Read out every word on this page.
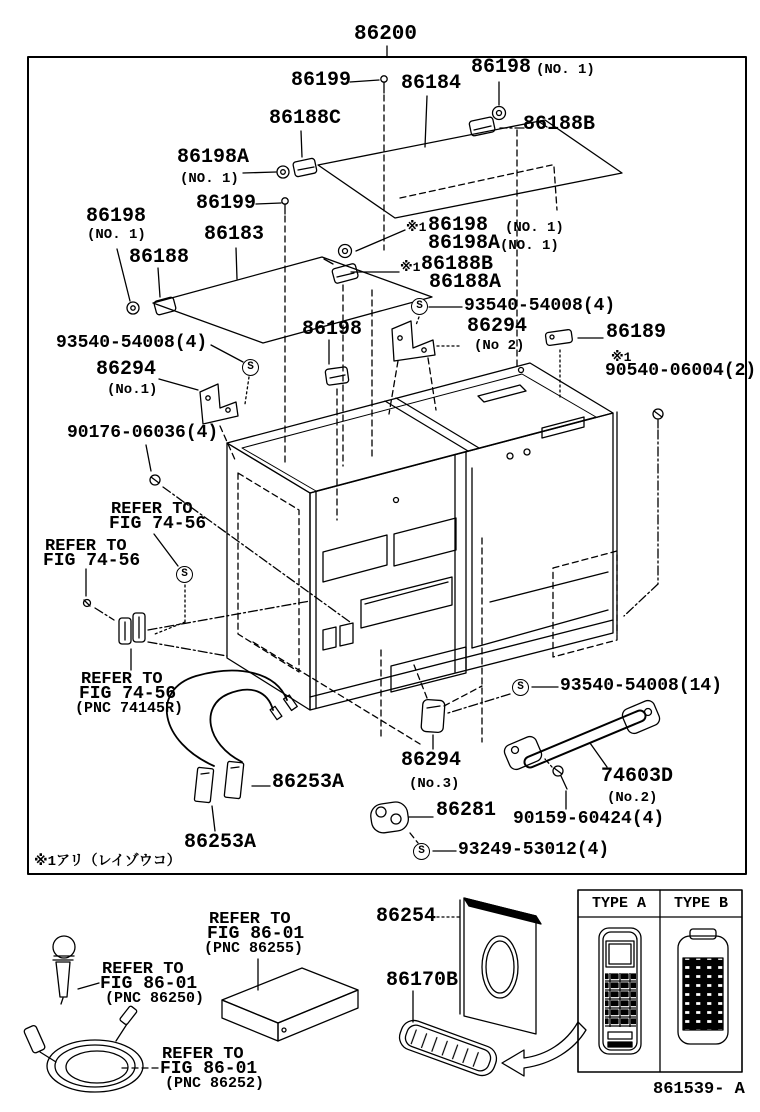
TYPE A TYPE B
861539- A
※1アリ（レイゾウコ）
86200
86199 86184
86198 (NO. 1)
86188C	86188B
86198A
(NO. 1)
86199
86198
(NO. 1)	86183
86188
※1 86198 (NO. 1)
86198A (NO. 1)
※1 86188B
86188A
93540-54008(4)
86294
(No 2)
86189
※1
90540-06004(2)
93540-54008(4)
86294
(No.1)
90176-06036(4)
86198
REFER TO
FIG 74-56
REFER TO
FIG 74-56
REFER TO
FIG 74-56
(PNC 74145R)
93540-54008(14)
86294
(No.3)	74603D
(No.2)
86281 90159-60424(4)
93249-53012(4)
86253A
86253A
86254
86170B
REFER TO
FIG 86-01
(PNC 86255)
REFER TO
FIG 86-01
(PNC 86250)
REFER TO
FIG 86-01
(PNC 86252)
S
S
S
S
S
